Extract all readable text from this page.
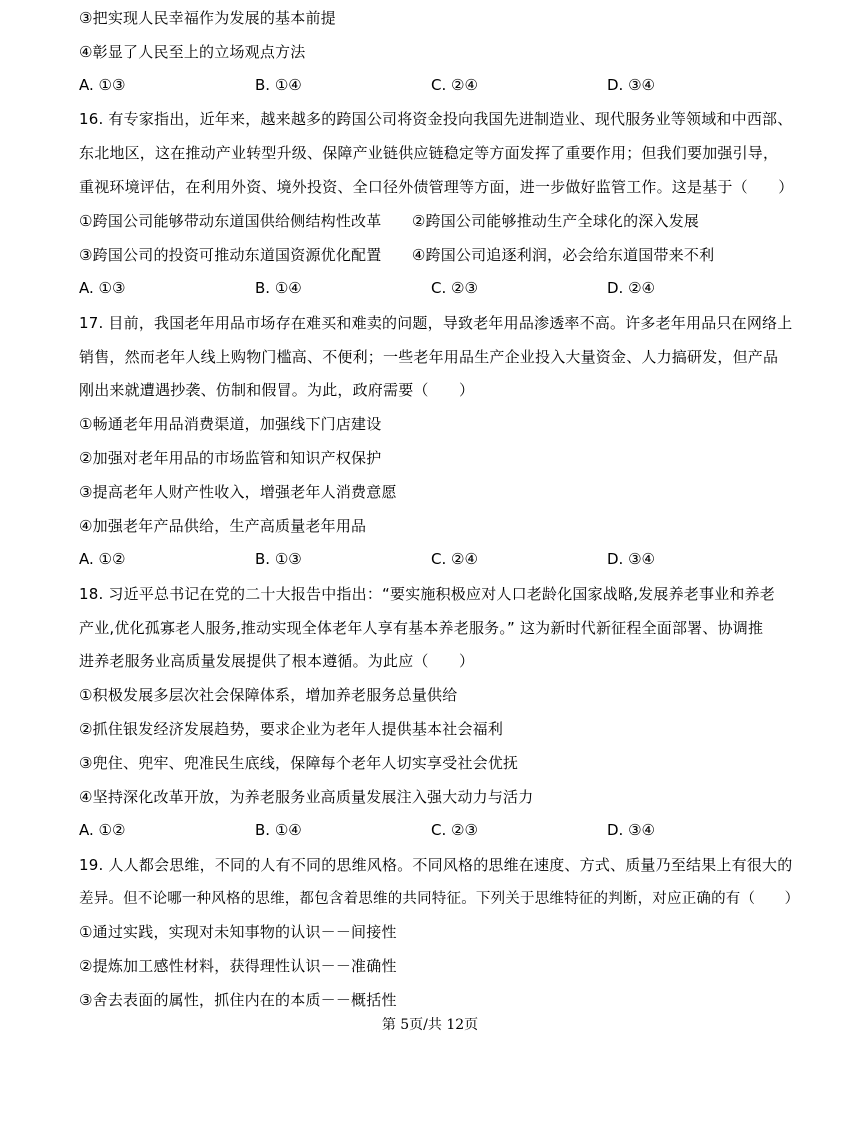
③把实现人民幸福作为发展的基本前提
④彰显了人民至上的立场观点方法
A. ①③	B. ①④	C. ②④	D. ③④
16. 有专家指出，近年来，越来越多的跨国公司将资金投向我国先进制造业、现代服务业等领域和中西部、
东北地区，这在推动产业转型升级、保障产业链供应链稳定等方面发挥了重要作用；但我们要加强引导，
重视环境评估，在利用外资、境外投资、全口径外债管理等方面，进一步做好监管工作。这是基于（　　）
①跨国公司能够带动东道国供给侧结构性改革　　②跨国公司能够推动生产全球化的深入发展
③跨国公司的投资可推动东道国资源优化配置　　④跨国公司追逐利润，必会给东道国带来不利
A. ①③	B. ①④	C. ②③	D. ②④
17. 目前，我国老年用品市场存在难买和难卖的问题，导致老年用品渗透率不高。许多老年用品只在网络上
销售，然而老年人线上购物门槛高、不便利；一些老年用品生产企业投入大量资金、人力搞研发，但产品
刚出来就遭遇抄袭、仿制和假冒。为此，政府需要（　　）
①畅通老年用品消费渠道，加强线下门店建设
②加强对老年用品的市场监管和知识产权保护
③提高老年人财产性收入，增强老年人消费意愿
④加强老年产品供给，生产高质量老年用品
A. ①②	B. ①③	C. ②④	D. ③④
18. 习近平总书记在党的二十大报告中指出：“要实施积极应对人口老龄化国家战略,发展养老事业和养老
产业,优化孤寡老人服务,推动实现全体老年人享有基本养老服务。” 这为新时代新征程全面部署、协调推
进养老服务业高质量发展提供了根本遵循。为此应（　　）
①积极发展多层次社会保障体系，增加养老服务总量供给
②抓住银发经济发展趋势，要求企业为老年人提供基本社会福利
③兜住、兜牢、兜准民生底线，保障每个老年人切实享受社会优抚
④坚持深化改革开放，为养老服务业高质量发展注入强大动力与活力
A. ①②	B. ①④	C. ②③	D. ③④
19. 人人都会思维，不同的人有不同的思维风格。不同风格的思维在速度、方式、质量乃至结果上有很大的
差异。但不论哪一种风格的思维，都包含着思维的共同特征。下列关于思维特征的判断，对应正确的有（　　）
①通过实践，实现对未知事物的认识－－间接性
②提炼加工感性材料，获得理性认识－－准确性
③舍去表面的属性，抓住内在的本质－－概括性
第 5页/共 12页
